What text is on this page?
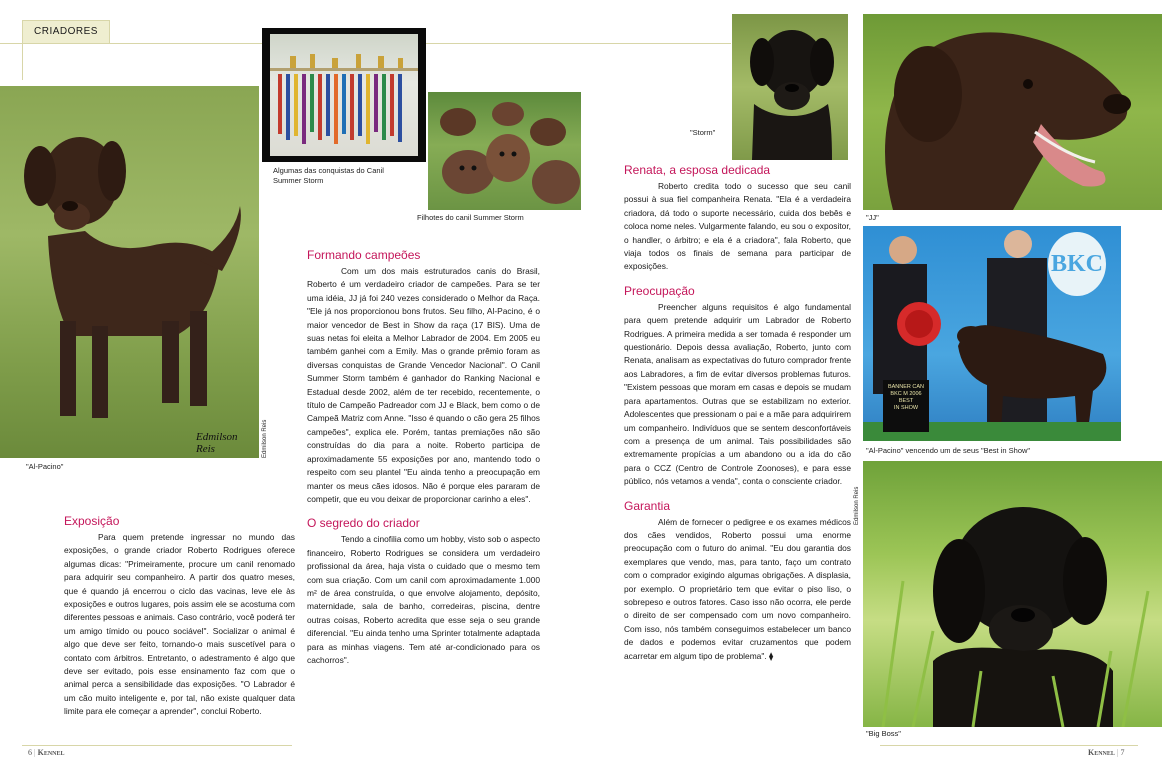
CRIADORES
Edmilson Reis	Edmilson Reis
"Al-Pacino"
Algumas das conquistas do Canil Summer Storm
Filhotes do canil Summer Storm
"Storm"
"JJ"
BKC
BANNER CAN
BKC M 2006
BEST
IN SHOW
"Al-Pacino" vencendo um de seus "Best in Show"
Edmilson Reis
"Big Boss"
Exposição

Para quem pretende ingressar no mundo das exposições, o grande criador Roberto Rodrigues oferece algumas dicas: "Primeiramente, procure um canil renomado para adquirir seu companheiro. A partir dos quatro meses, que é quando já encerrou o ciclo das vacinas, leve ele às exposições e outros lugares, pois assim ele se acostuma com diferentes pessoas e animais. Caso contrário, você poderá ter um amigo tímido ou pouco sociável". Socializar o animal é algo que deve ser feito, tornando-o mais suscetível para o contato com árbitros. Entretanto, o adestramento é algo que deve ser evitado, pois esse ensinamento faz com que o animal perca a sensibilidade das exposições. "O Labrador é um cão muito inteligente e, por tal, não existe qualquer data limite para ele começar a aprender", conclui Roberto.

Formando campeões

Com um dos mais estruturados canis do Brasil, Roberto é um verdadeiro criador de campeões. Para se ter uma idéia, JJ já foi 240 vezes considerado o Melhor da Raça. "Ele já nos proporcionou bons frutos. Seu filho, Al-Pacino, é o maior vencedor de Best in Show da raça (17 BIS). Uma de suas netas foi eleita a Melhor Labrador de 2004. Em 2005 eu também ganhei com a Emily. Mas o grande prêmio foram as diversas conquistas de Grande Vencedor Nacional". O Canil Summer Storm também é ganhador do Ranking Nacional e Estadual desde 2002, além de ter recebido, recentemente, o título de Campeão Padreador com JJ e Black, bem como o de Campeã Matriz com Anne. "Isso é quando o cão gera 25 filhos campeões", explica ele. Porém, tantas premiações não são construídas do dia para a noite. Roberto participa de aproximadamente 55 exposições por ano, mantendo todo o respeito com seu plantel "Eu ainda tenho a preocupação em manter os meus cães idosos. Não é porque eles pararam de competir, que eu vou deixar de proporcionar carinho a eles".

O segredo do criador

Tendo a cinofilia como um hobby, visto sob o aspecto financeiro, Roberto Rodrigues se considera um verdadeiro profissional da área, haja vista o cuidado que o mesmo tem com sua criação. Com um canil com aproximadamente 1.000 m² de área construída, o que envolve alojamento, depósito, maternidade, sala de banho, corredeiras, piscina, dentre outras coisas, Roberto acredita que esse seja o seu grande diferencial. "Eu ainda tenho uma Sprinter totalmente adaptada para as minhas viagens. Tem até ar-condicionado para os cachorros".

Renata, a esposa dedicada

Roberto credita todo o sucesso que seu canil possui à sua fiel companheira Renata. "Ela é a verdadeira criadora, dá todo o suporte necessário, cuida dos bebês e coloca nome neles. Vulgarmente falando, eu sou o expositor, o handler, o árbitro; e ela é a criadora", fala Roberto, que viaja todos os finais de semana para participar de exposições.

Preocupação

Preencher alguns requisitos é algo fundamental para quem pretende adquirir um Labrador de Roberto Rodrigues. A primeira medida a ser tomada é responder um questionário. Depois dessa avaliação, Roberto, junto com Renata, analisam as expectativas do futuro comprador frente aos Labradores, a fim de evitar diversos problemas futuros. "Existem pessoas que moram em casas e depois se mudam para apartamentos. Outras que se estabilizam no exterior. Adolescentes que pressionam o pai e a mãe para adquirirem um companheiro. Indivíduos que se sentem desconfortáveis com a presença de um animal. Tais possibilidades são extremamente propícias a um abandono ou a ida do cão para o CCZ (Centro de Controle Zoonoses), e para esse público, nós vetamos a venda", conta o consciente criador.

Garantia

Além de fornecer o pedigree e os exames médicos dos cães vendidos, Roberto possui uma enorme preocupação com o futuro do animal. "Eu dou garantia dos exemplares que vendo, mas, para tanto, faço um contrato com o comprador exigindo algumas obrigações. A displasia, por exemplo. O proprietário tem que evitar o piso liso, o sobrepeso e outros fatores. Caso isso não ocorra, ele perde o direito de ser compensado com um novo companheiro. Com isso, nós também conseguimos estabelecer um banco de dados e podemos evitar cruzamentos que podem acarretar em algum tipo de problema". ⧫

6 | Kennel	Kennel | 7
